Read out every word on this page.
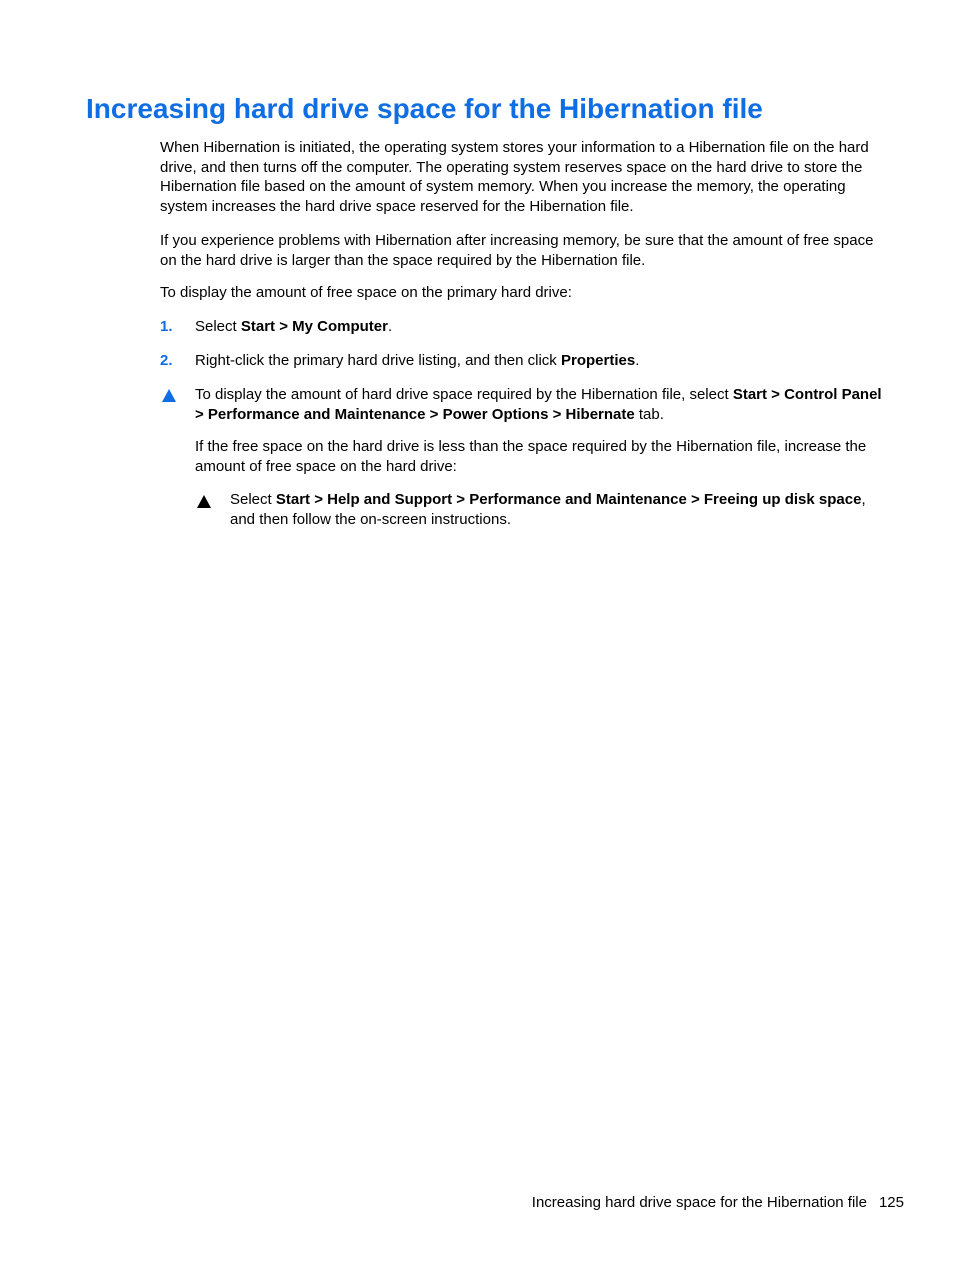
Increasing hard drive space for the Hibernation file

When Hibernation is initiated, the operating system stores your information to a Hibernation file on the hard drive, and then turns off the computer. The operating system reserves space on the hard drive to store the Hibernation file based on the amount of system memory. When you increase the memory, the operating system increases the hard drive space reserved for the Hibernation file.

If you experience problems with Hibernation after increasing memory, be sure that the amount of free space on the hard drive is larger than the space required by the Hibernation file.

To display the amount of free space on the primary hard drive:

1. Select Start > My Computer.
2. Right-click the primary hard drive listing, and then click Properties.
To display the amount of hard drive space required by the Hibernation file, select Start > Control Panel > Performance and Maintenance > Power Options > Hibernate tab.

If the free space on the hard drive is less than the space required by the Hibernation file, increase the amount of free space on the hard drive:

Select Start > Help and Support > Performance and Maintenance > Freeing up disk space, and then follow the on-screen instructions.
Increasing hard drive space for the Hibernation file 125
